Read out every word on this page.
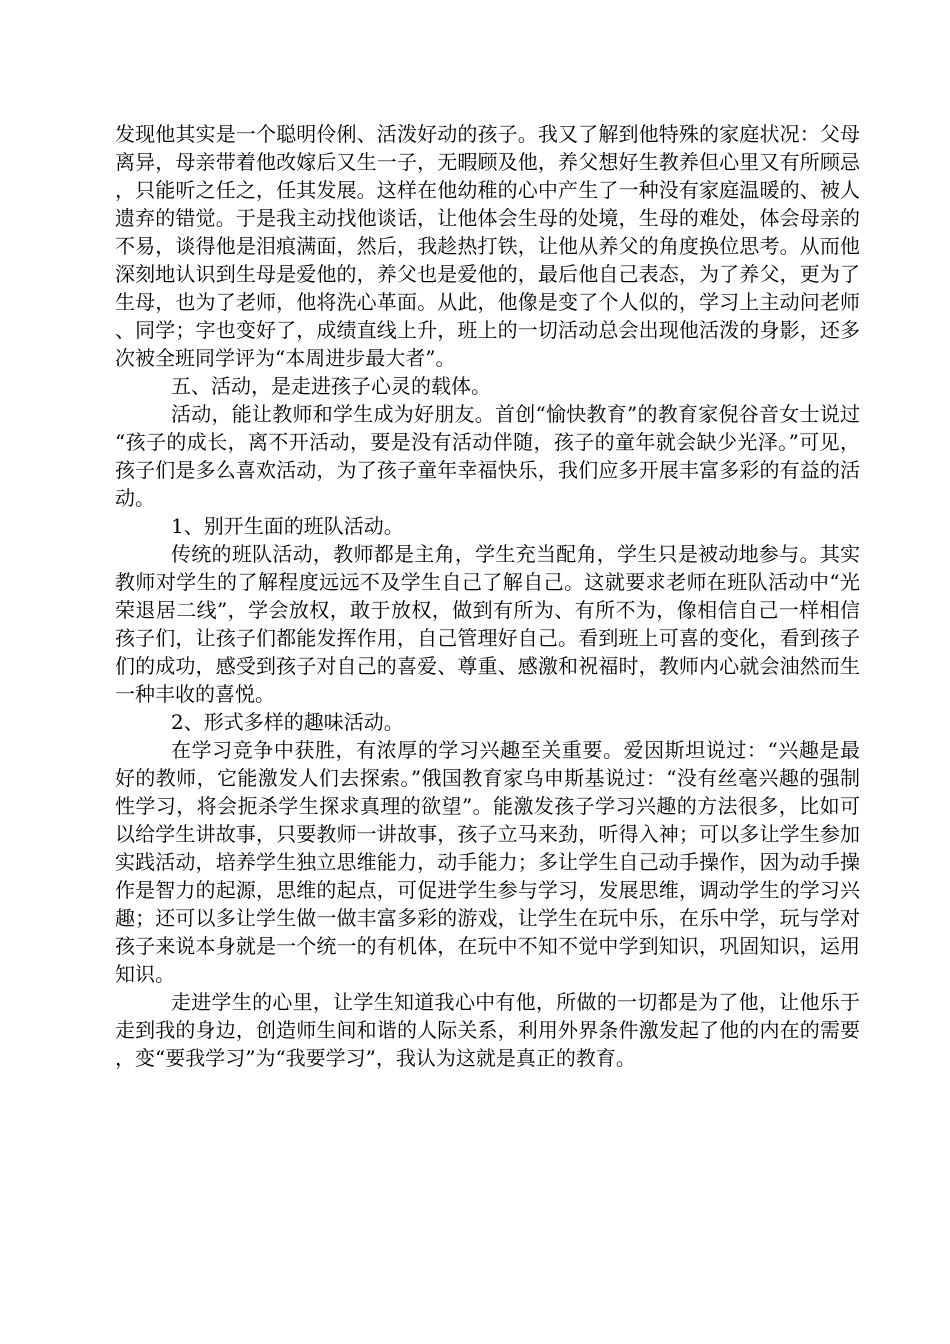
发现他其实是一个聪明伶俐、活泼好动的孩子。我又了解到他特殊的家庭状况：父母离异，母亲带着他改嫁后又生一子，无暇顾及他，养父想好生教养但心里又有所顾忌，只能听之任之，任其发展。这样在他幼稚的心中产生了一种没有家庭温暖的、被人遗弃的错觉。于是我主动找他谈话，让他体会生母的处境，生母的难处，体会母亲的不易，谈得他是泪痕满面，然后，我趁热打铁，让他从养父的角度换位思考。从而他深刻地认识到生母是爱他的，养父也是爱他的，最后他自己表态，为了养父，更为了生母，也为了老师，他将洗心革面。从此，他像是变了个人似的，学习上主动问老师、同学；字也变好了，成绩直线上升，班上的一切活动总会出现他活泼的身影，还多次被全班同学评为“本周进步最大者”。

五、活动，是走进孩子心灵的载体。

活动，能让教师和学生成为好朋友。首创“愉快教育”的教育家倪谷音女士说过“孩子的成长，离不开活动，要是没有活动伴随，孩子的童年就会缺少光泽。”可见，孩子们是多么喜欢活动，为了孩子童年幸福快乐，我们应多开展丰富多彩的有益的活动。

1、别开生面的班队活动。

传统的班队活动，教师都是主角，学生充当配角，学生只是被动地参与。其实教师对学生的了解程度远远不及学生自己了解自己。这就要求老师在班队活动中“光荣退居二线”，学会放权，敢于放权，做到有所为、有所不为，像相信自己一样相信孩子们，让孩子们都能发挥作用，自己管理好自己。看到班上可喜的变化，看到孩子们的成功，感受到孩子对自己的喜爱、尊重、感激和祝福时，教师内心就会油然而生一种丰收的喜悦。

2、形式多样的趣味活动。

在学习竞争中获胜，有浓厚的学习兴趣至关重要。爱因斯坦说过：“兴趣是最好的教师，它能激发人们去探索。”俄国教育家乌申斯基说过：“没有丝毫兴趣的强制性学习，将会扼杀学生探求真理的欲望”。能激发孩子学习兴趣的方法很多，比如可以给学生讲故事，只要教师一讲故事，孩子立马来劲，听得入神；可以多让学生参加实践活动，培养学生独立思维能力，动手能力；多让学生自己动手操作，因为动手操作是智力的起源，思维的起点，可促进学生参与学习，发展思维，调动学生的学习兴趣；还可以多让学生做一做丰富多彩的游戏，让学生在玩中乐，在乐中学，玩与学对孩子来说本身就是一个统一的有机体，在玩中不知不觉中学到知识，巩固知识，运用知识。

走进学生的心里，让学生知道我心中有他，所做的一切都是为了他，让他乐于走到我的身边，创造师生间和谐的人际关系，利用外界条件激发起了他的内在的需要，变“要我学习”为“我要学习”，我认为这就是真正的教育。
